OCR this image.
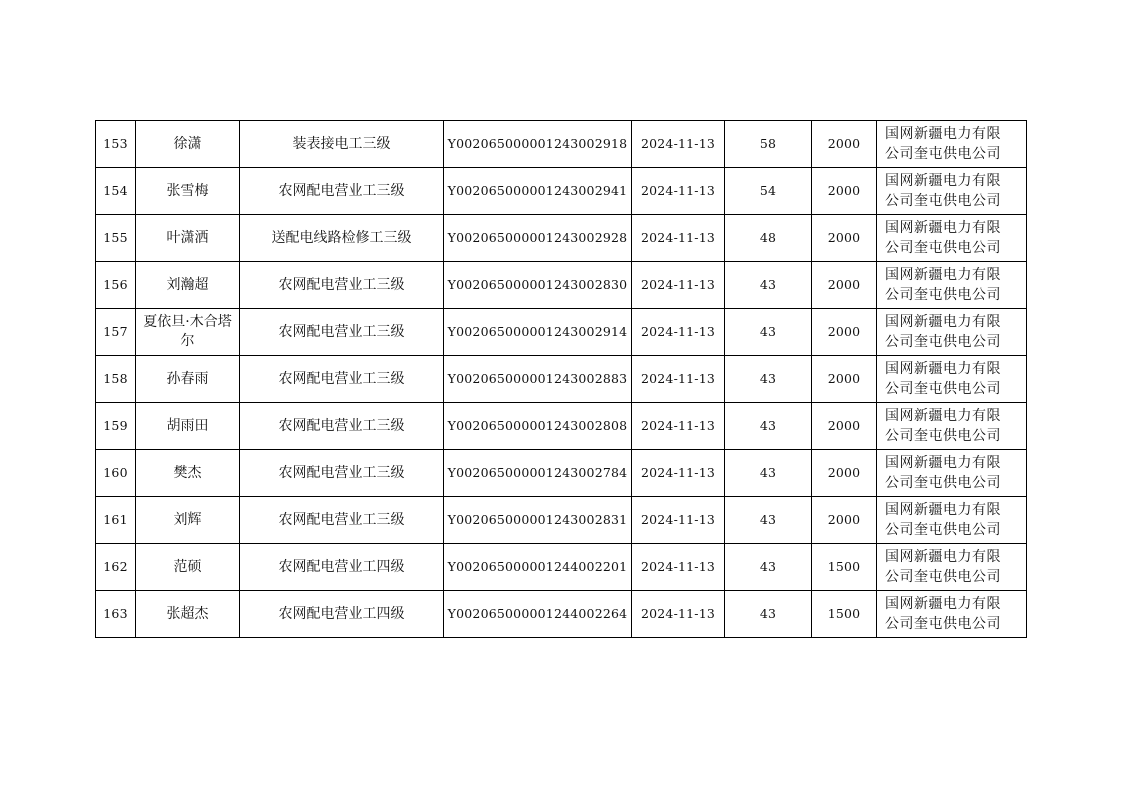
153	徐潇	装表接电工三级	Y002065000001243002918	2024-11-13	58	2000	国网新疆电力有限
公司奎屯供电公司

154	张雪梅	农网配电营业工三级	Y002065000001243002941	2024-11-13	54	2000	国网新疆电力有限
公司奎屯供电公司

155	叶潇洒	送配电线路检修工三级	Y002065000001243002928	2024-11-13	48	2000	国网新疆电力有限
公司奎屯供电公司

156	刘瀚超	农网配电营业工三级	Y002065000001243002830	2024-11-13	43	2000	国网新疆电力有限
公司奎屯供电公司

157	夏依旦·木合塔尔	农网配电营业工三级	Y002065000001243002914	2024-11-13	43	2000	国网新疆电力有限
公司奎屯供电公司

158	孙春雨	农网配电营业工三级	Y002065000001243002883	2024-11-13	43	2000	国网新疆电力有限
公司奎屯供电公司

159	胡雨田	农网配电营业工三级	Y002065000001243002808	2024-11-13	43	2000	国网新疆电力有限
公司奎屯供电公司

160	樊杰	农网配电营业工三级	Y002065000001243002784	2024-11-13	43	2000	国网新疆电力有限
公司奎屯供电公司

161	刘辉	农网配电营业工三级	Y002065000001243002831	2024-11-13	43	2000	国网新疆电力有限
公司奎屯供电公司

162	范硕	农网配电营业工四级	Y002065000001244002201	2024-11-13	43	1500	国网新疆电力有限
公司奎屯供电公司

163	张超杰	农网配电营业工四级	Y002065000001244002264	2024-11-13	43	1500	国网新疆电力有限
公司奎屯供电公司
